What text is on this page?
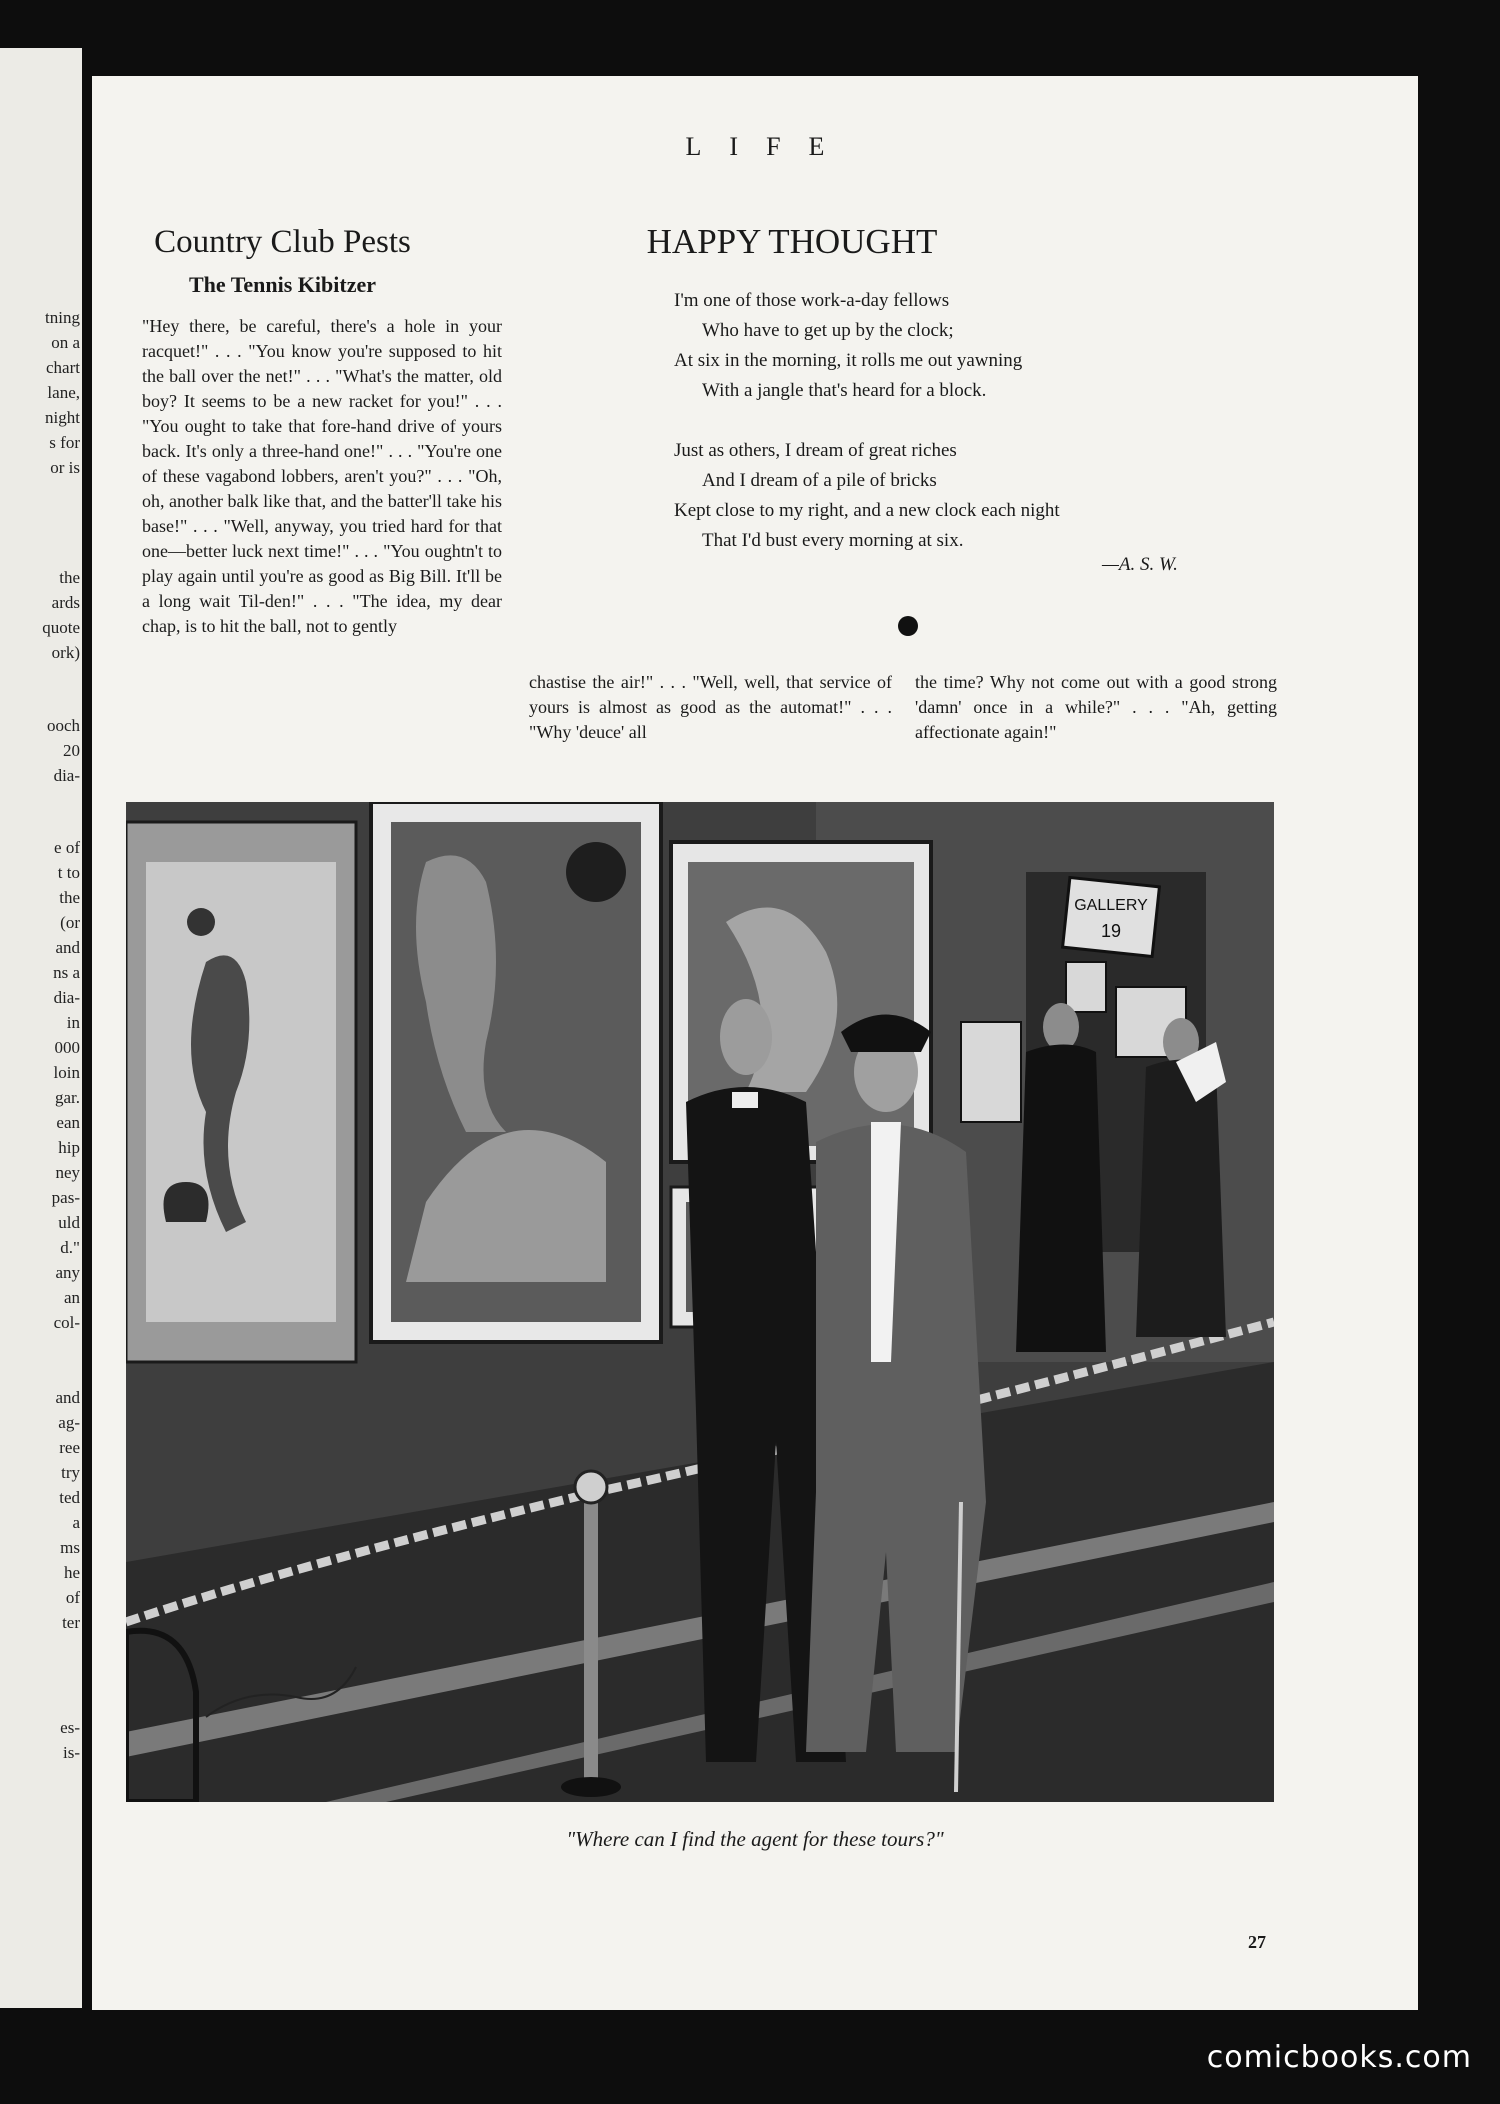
tning
on a
chart
lane,
night
s for
or is
the
ards
quote
ork)
ooch
20
dia-
e of
t to
the
(or
and
ns a
dia-
in
000
loin
gar.
ean
hip
ney
pas-
uld
d."
any
an
col-
and
ag-
ree
try
ted
a
ms
he
of
ter
es-
is-
LIFE
Country Club Pests
The Tennis Kibitzer
"Hey there, be careful, there's a hole in your racquet!" . . . "You know you're supposed to hit the ball over the net!" . . . "What's the matter, old boy? It seems to be a new racket for you!" . . . "You ought to take that fore-hand drive of yours back. It's only a three-hand one!" . . . "You're one of these vagabond lobbers, aren't you?" . . . "Oh, oh, another balk like that, and the batter'll take his base!" . . . "Well, anyway, you tried hard for that one—better luck next time!" . . . "You oughtn't to play again until you're as good as Big Bill. It'll be a long wait Til-den!" . . . "The idea, my dear chap, is to hit the ball, not to gently
chastise the air!" . . . "Well, well, that service of yours is almost as good as the automat!" . . . "Why 'deuce' all
the time? Why not come out with a good strong 'damn' once in a while?" . . . "Ah, getting affectionate again!"
HAPPY THOUGHT
I'm one of those work-a-day fellows
Who have to get up by the clock;
At six in the morning, it rolls me out yawning
With a jangle that's heard for a block.
Just as others, I dream of great riches
And I dream of a pile of bricks
Kept close to my right, and a new clock each night
That I'd bust every morning at six.
—A. S. W.
GALLERY
19
"Where can I find the agent for these tours?"
27
comicbooks.com
